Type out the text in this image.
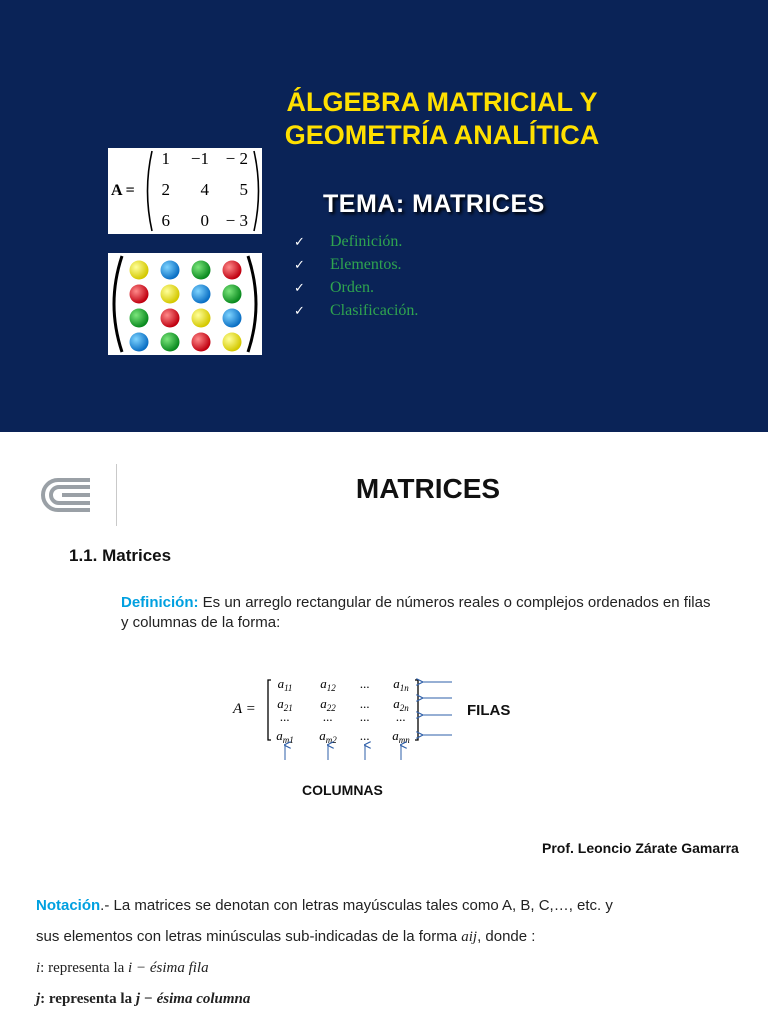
ÁLGEBRA MATRICIAL Y
GEOMETRÍA ANALÍTICA
A =
1 −1 − 2
2 4 5
6 0 − 3
TEMA: MATRICES
✓ Definición.
✓ Elementos.
✓ Orden.
✓ Clasificación.
MATRICES
1.1. Matrices
Definición: Es un arreglo rectangular de números reales o complejos ordenados en filas y columnas de la forma:
A =
$a_{11}$ $a_{12}$ ... $a_{1n}$
$a_{21}$ $a_{22}$ ... $a_{2n}$
...	... ... ...
$a_{m1}$ $a_{m2}$ ... $a_{mn}$
FILAS
COLUMNAS
Prof. Leoncio Zárate Gamarra

Notación.- La matrices se denotan con letras mayúsculas tales como A, B, C,…, etc. y

sus elementos con letras minúsculas sub-indicadas de la forma aij, donde :

i: representa la i − ésima fila

j: representa la j − ésima columna
